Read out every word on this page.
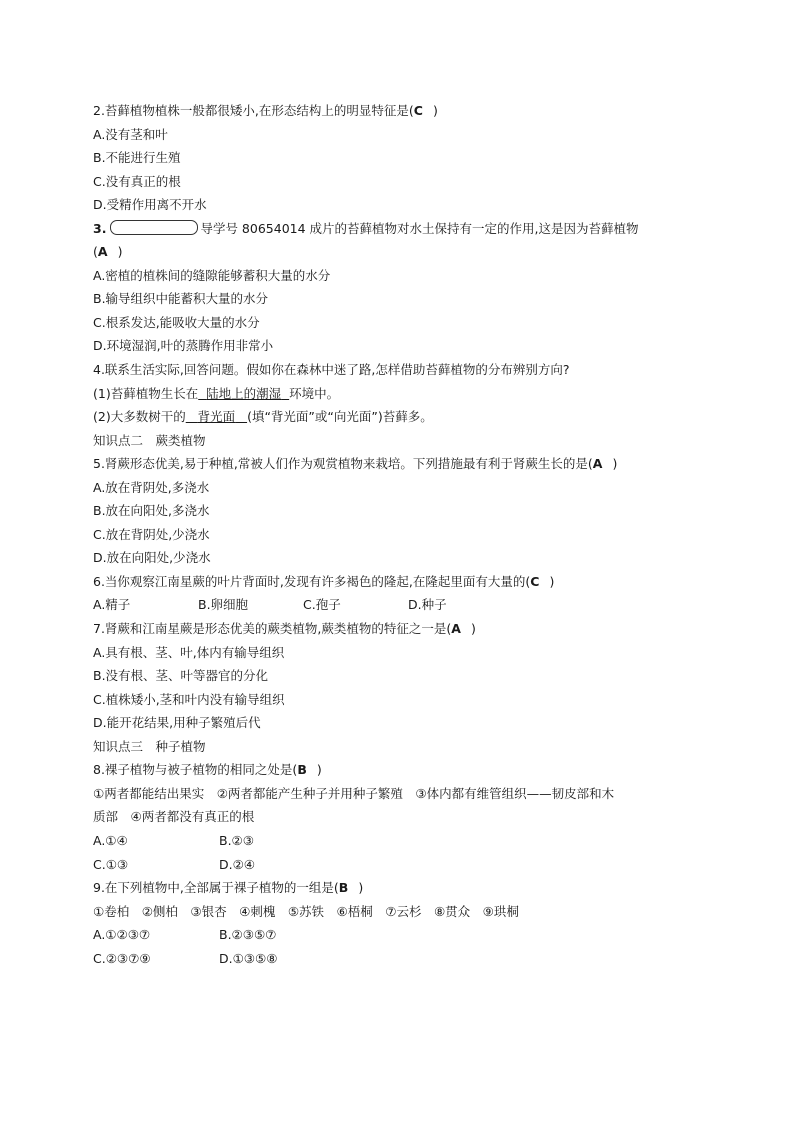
2.苔藓植物植株一般都很矮小,在形态结构上的明显特征是(C )
A.没有茎和叶
B.不能进行生殖
C.没有真正的根
D.受精作用离不开水
3.	导学号 80654014 成片的苔藓植物对水土保持有一定的作用,这是因为苔藓植物
(A )
A.密植的植株间的缝隙能够蓄积大量的水分
B.输导组织中能蓄积大量的水分
C.根系发达,能吸收大量的水分
D.环境湿润,叶的蒸腾作用非常小
4.联系生活实际,回答问题。假如你在森林中迷了路,怎样借助苔藓植物的分布辨别方向?
(1)苔藓植物生长在 陆地上的潮湿 环境中。
(2)大多数树干的 背光面 (填“背光面”或“向光面”)苔藓多。
知识点二　蕨类植物
5.肾蕨形态优美,易于种植,常被人们作为观赏植物来栽培。下列措施最有利于肾蕨生长的是(A )
A.放在背阴处,多浇水
B.放在向阳处,多浇水
C.放在背阴处,少浇水
D.放在向阳处,少浇水
6.当你观察江南星蕨的叶片背面时,发现有许多褐色的隆起,在隆起里面有大量的(C )
A.精子	B.卵细胞	C.孢子	D.种子
7.肾蕨和江南星蕨是形态优美的蕨类植物,蕨类植物的特征之一是(A )
A.具有根、茎、叶,体内有输导组织
B.没有根、茎、叶等器官的分化
C.植株矮小,茎和叶内没有输导组织
D.能开花结果,用种子繁殖后代
知识点三　种子植物
8.裸子植物与被子植物的相同之处是(B )
①两者都能结出果实　②两者都能产生种子并用种子繁殖　③体内都有维管组织——韧皮部和木
质部　④两者都没有真正的根
A.①④	B.②③
C.①③	D.②④
9.在下列植物中,全部属于裸子植物的一组是(B )
①卷柏　②侧柏　③银杏　④刺槐　⑤苏铁　⑥梧桐　⑦云杉　⑧贯众　⑨珙桐
A.①②③⑦	B.②③⑤⑦
C.②③⑦⑨	D.①③⑤⑧
